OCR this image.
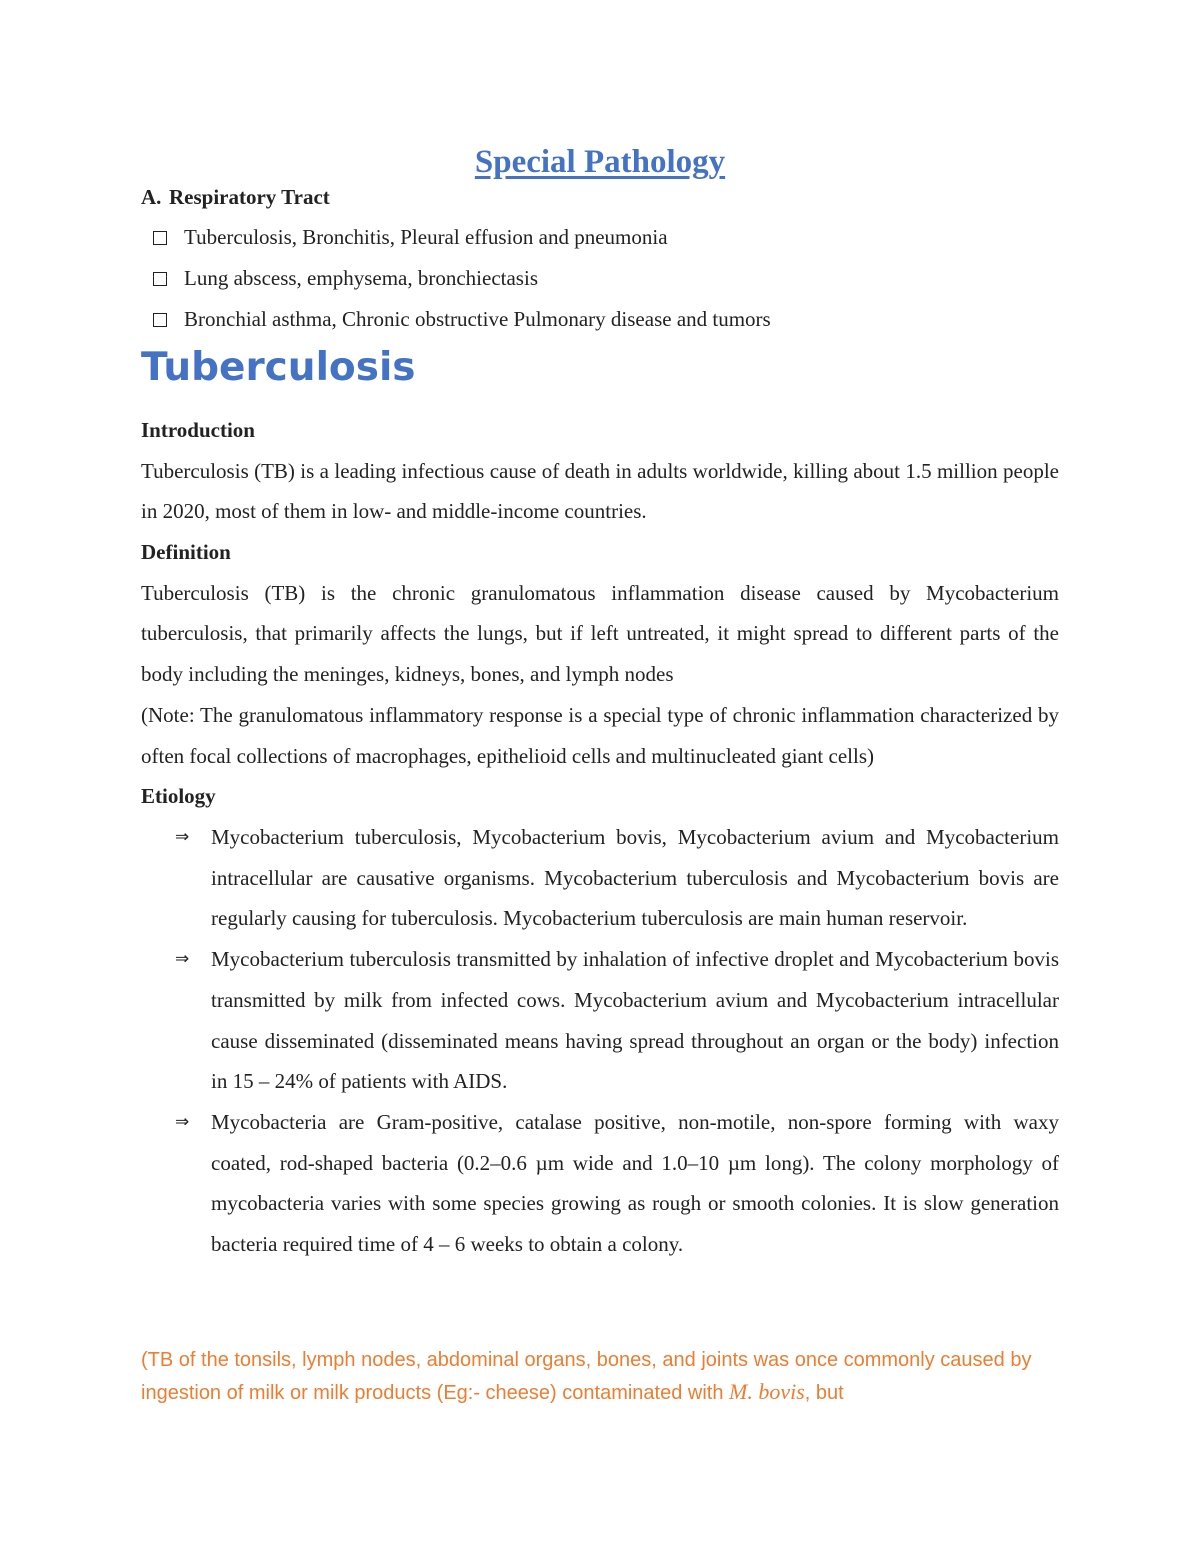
Special Pathology
A. Respiratory Tract
Tuberculosis, Bronchitis, Pleural effusion and pneumonia
Lung abscess, emphysema, bronchiectasis
Bronchial asthma, Chronic obstructive Pulmonary disease and tumors
Tuberculosis
Introduction

Tuberculosis (TB) is a leading infectious cause of death in adults worldwide, killing about 1.5 million people in 2020, most of them in low- and middle-income countries.

Definition

Tuberculosis (TB) is the chronic granulomatous inflammation disease caused by Mycobacterium tuberculosis, that primarily affects the lungs, but if left untreated, it might spread to different parts of the body including the meninges, kidneys, bones, and lymph nodes

(Note: The granulomatous inflammatory response is a special type of chronic inflammation characterized by often focal collections of macrophages, epithelioid cells and multinucleated giant cells)

Etiology
⇒ Mycobacterium tuberculosis, Mycobacterium bovis, Mycobacterium avium and Mycobacterium intracellular are causative organisms. Mycobacterium tuberculosis and Mycobacterium bovis are regularly causing for tuberculosis. Mycobacterium tuberculosis are main human reservoir.
⇒ Mycobacterium tuberculosis transmitted by inhalation of infective droplet and Mycobacterium bovis transmitted by milk from infected cows. Mycobacterium avium and Mycobacterium intracellular cause disseminated (disseminated means having spread throughout an organ or the body) infection in 15 – 24% of patients with AIDS.
⇒ Mycobacteria are Gram-positive, catalase positive, non-motile, non-spore forming with waxy coated, rod-shaped bacteria (0.2–0.6 µm wide and 1.0–10 µm long). The colony morphology of mycobacteria varies with some species growing as rough or smooth colonies. It is slow generation bacteria required time of 4 – 6 weeks to obtain a colony.
(TB of the tonsils, lymph nodes, abdominal organs, bones, and joints was once commonly caused by ingestion of milk or milk products (Eg:- cheese) contaminated with M. bovis, but
